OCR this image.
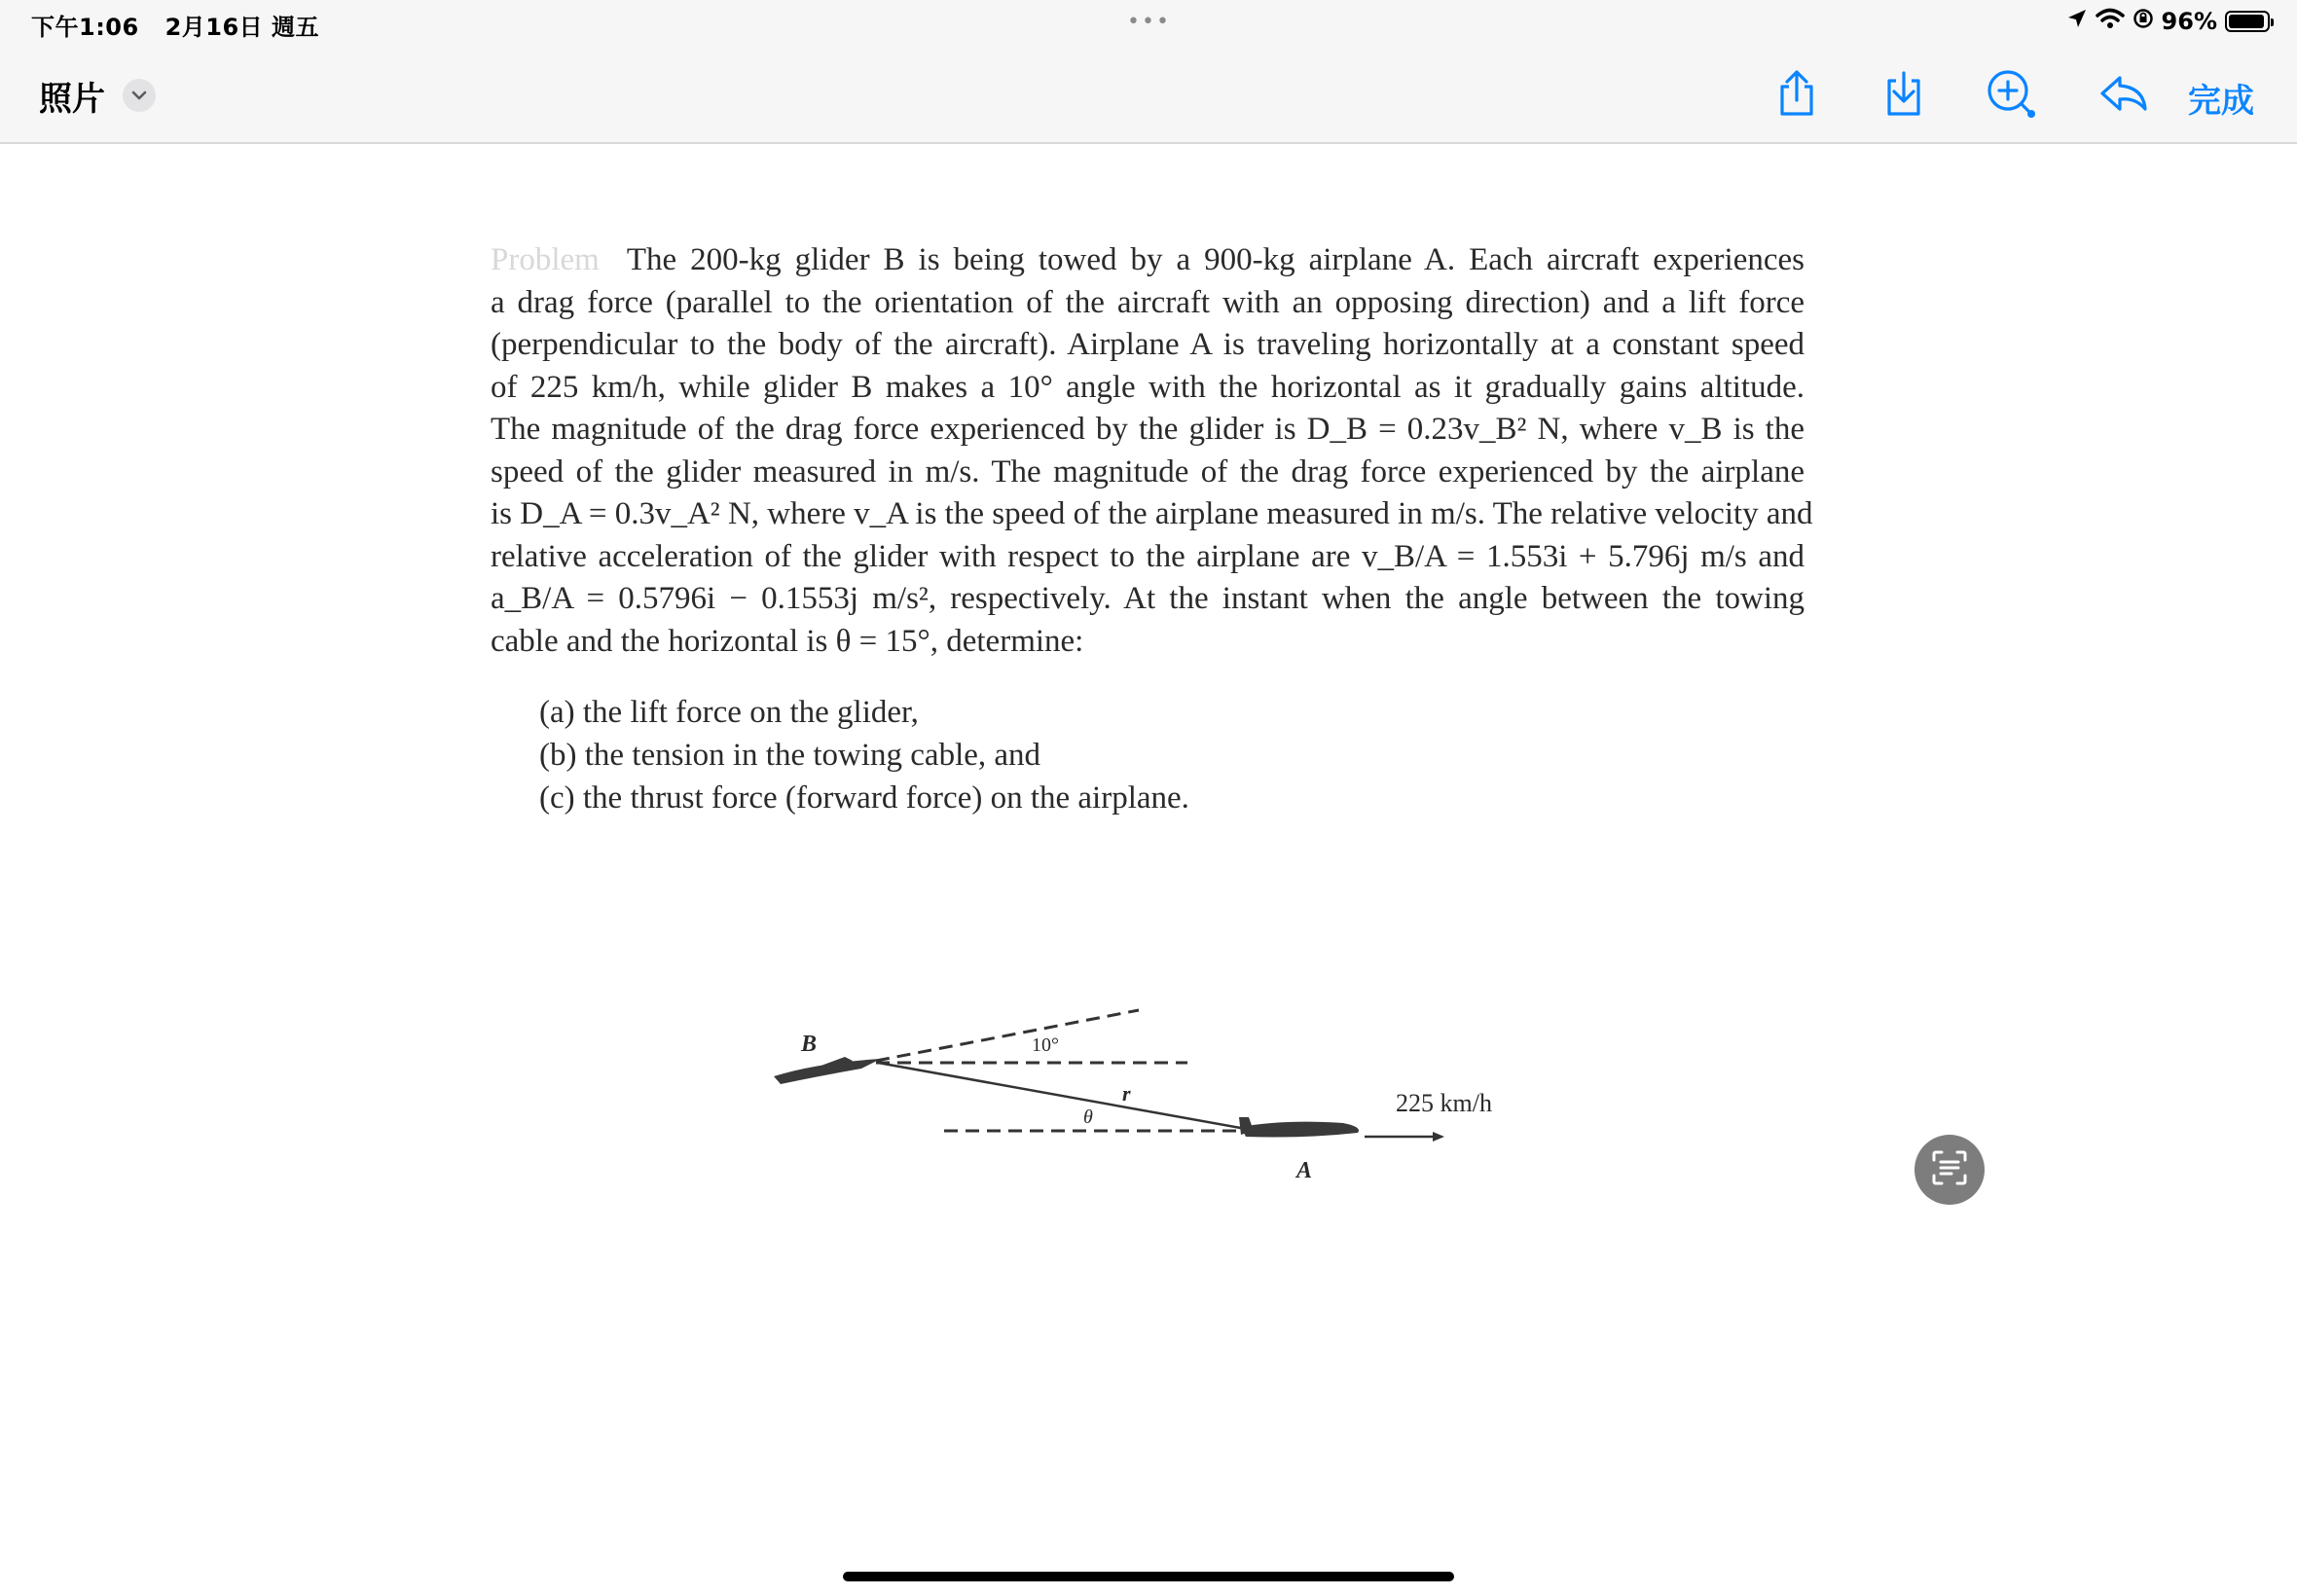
下午1:06 2月16日 週五	•••	96%
照片	完成
Problem The 200-kg glider B is being towed by a 900-kg airplane A. Each aircraft experiences
a drag force (parallel to the orientation of the aircraft with an opposing direction) and a lift force
(perpendicular to the body of the aircraft). Airplane A is traveling horizontally at a constant speed
of 225 km/h, while glider B makes a 10° angle with the horizontal as it gradually gains altitude.
The magnitude of the drag force experienced by the glider is D_B = 0.23v_B² N, where v_B is the
speed of the glider measured in m/s. The magnitude of the drag force experienced by the airplane
is D_A = 0.3v_A² N, where v_A is the speed of the airplane measured in m/s. The relative velocity and
relative acceleration of the glider with respect to the airplane are v_B/A = 1.553i + 5.796j m/s and
a_B/A = 0.5796i − 0.1553j m/s², respectively. At the instant when the angle between the towing
cable and the horizontal is θ = 15°, determine:
(a) the lift force on the glider,
(b) the tension in the towing cable, and
(c) the thrust force (forward force) on the airplane.
B	10°
r
θ
A
225 km/h
